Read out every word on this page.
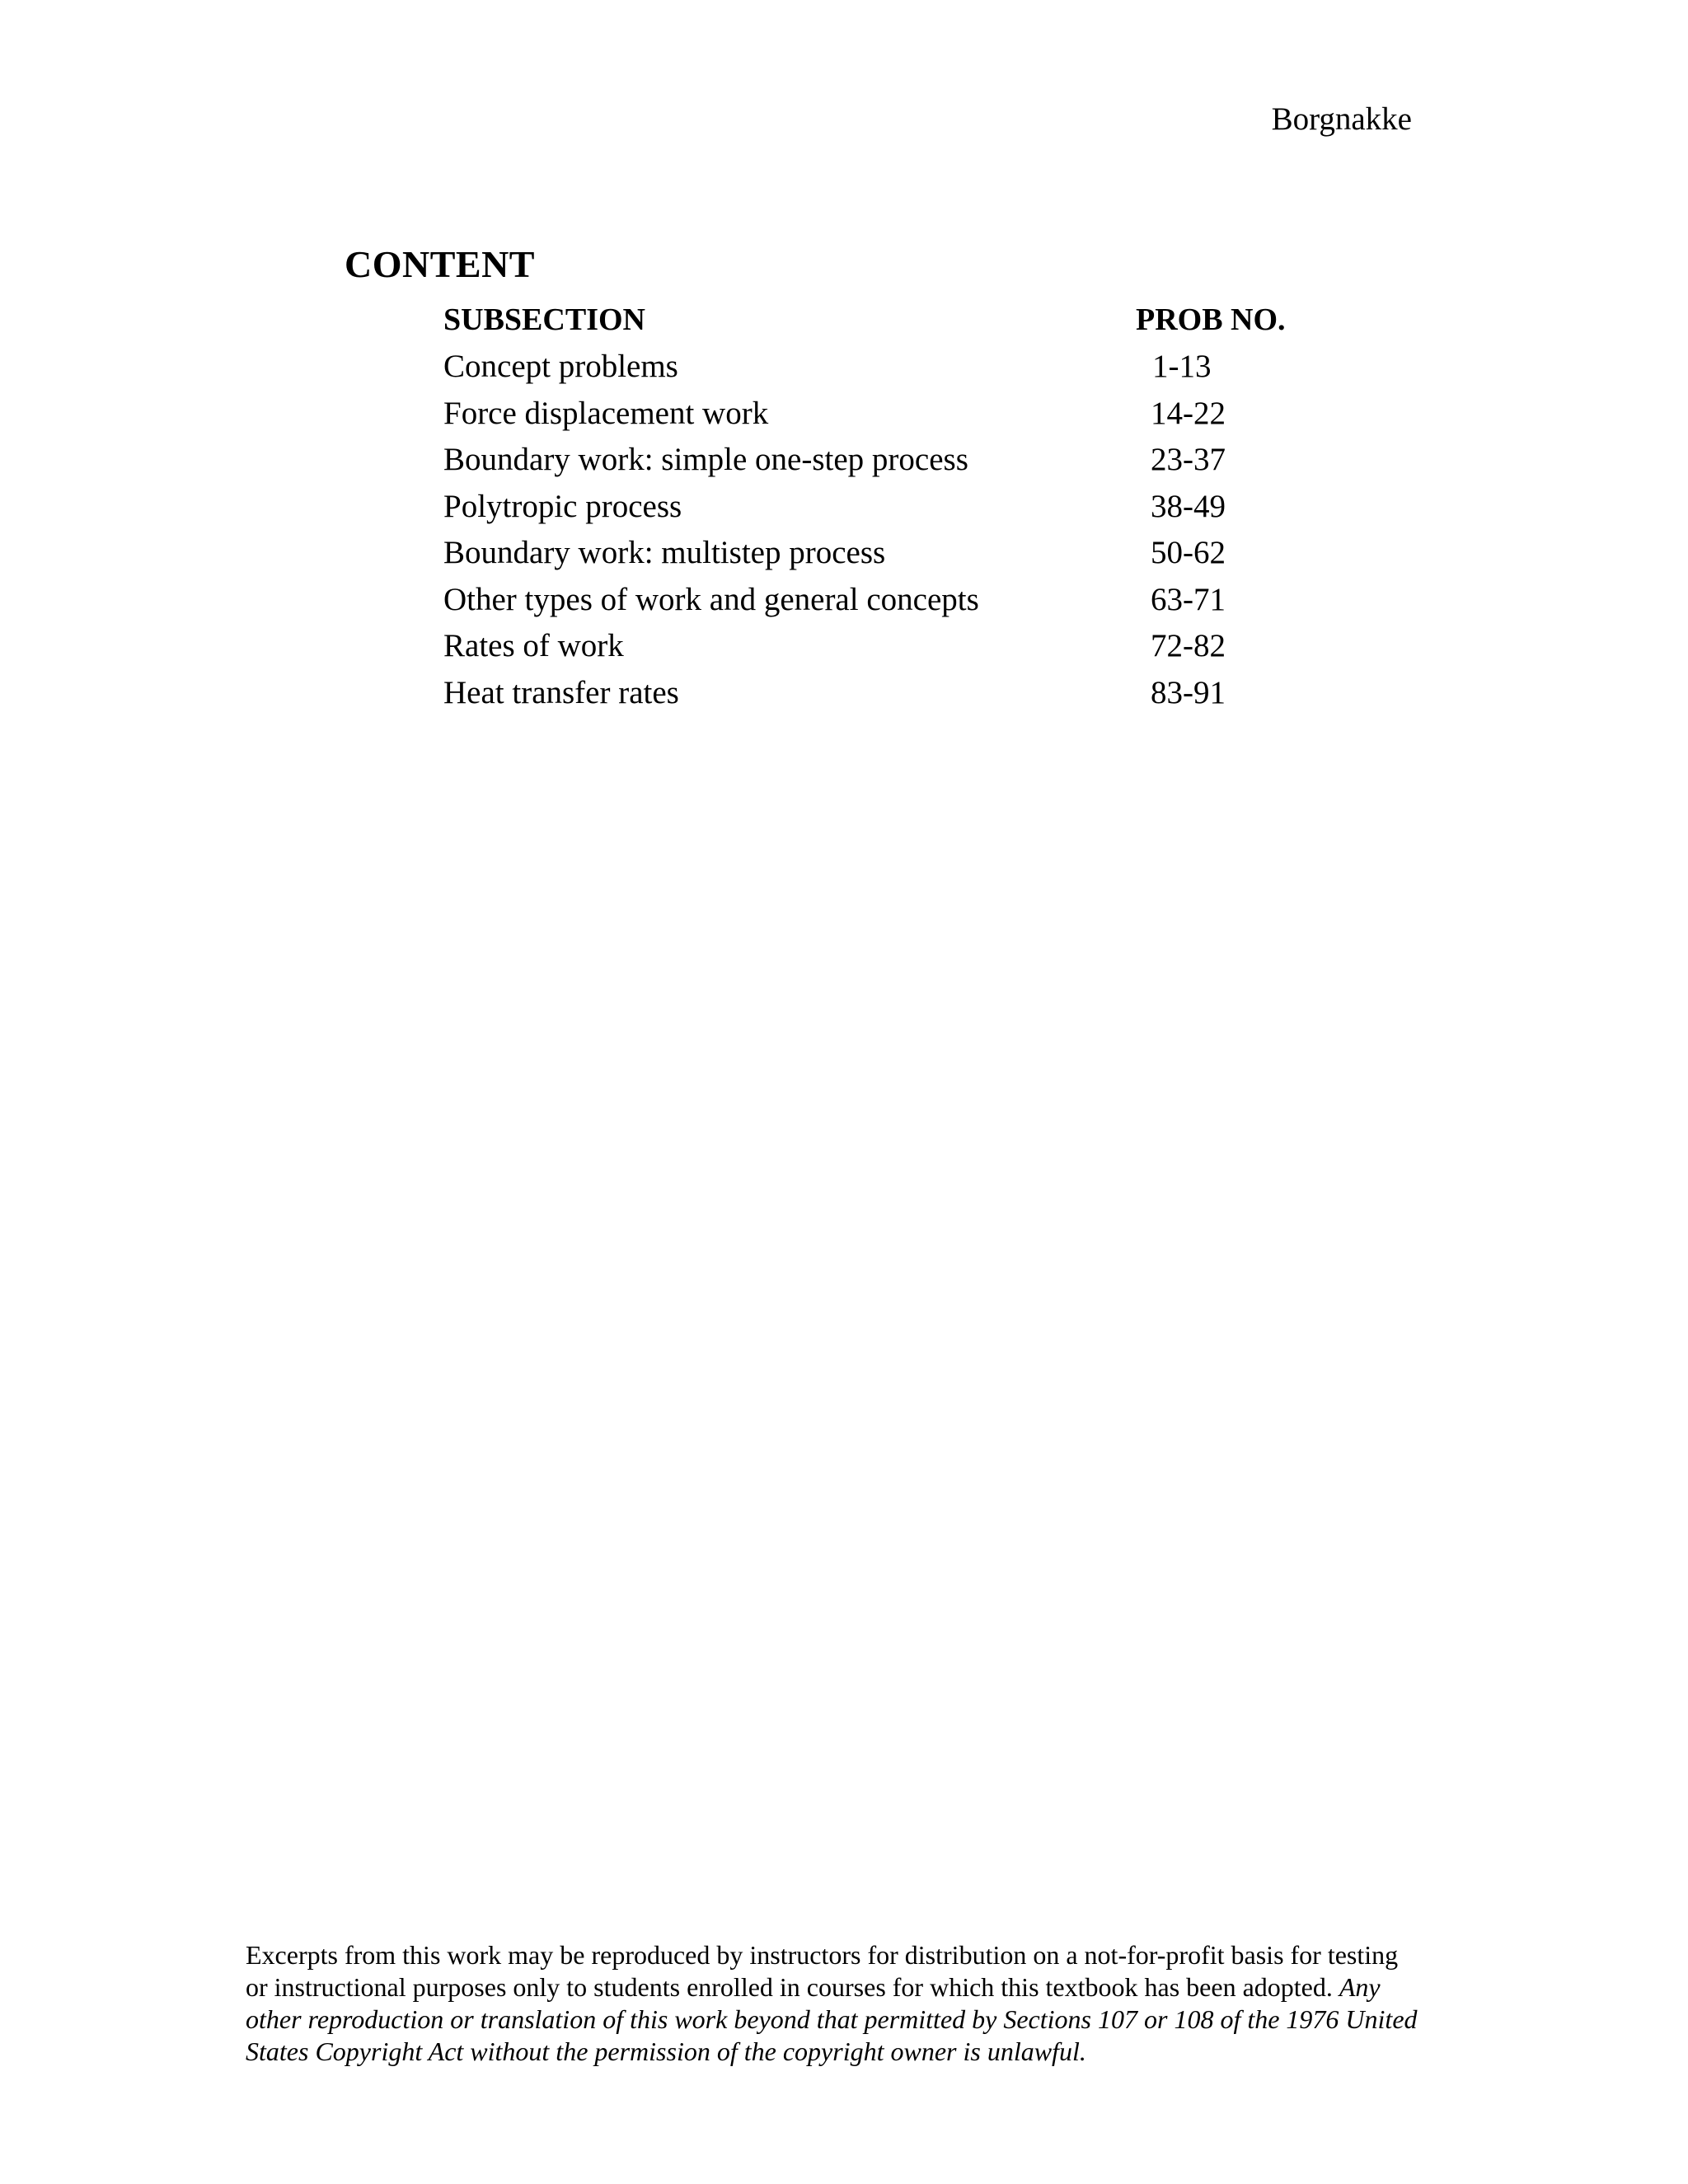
Borgnakke
CONTENT
SUBSECTION	PROB NO.
Concept problems	1-13
Force displacement work	14-22
Boundary work: simple one-step process	23-37
Polytropic process	38-49
Boundary work: multistep process	50-62
Other types of work and general concepts	63-71
Rates of work	72-82
Heat transfer rates	83-91
Excerpts from this work may be reproduced by instructors for distribution on a not-for-profit basis for testing or instructional purposes only to students enrolled in courses for which this textbook has been adopted. Any other reproduction or translation of this work beyond that permitted by Sections 107 or 108 of the 1976 United States Copyright Act without the permission of the copyright owner is unlawful.
